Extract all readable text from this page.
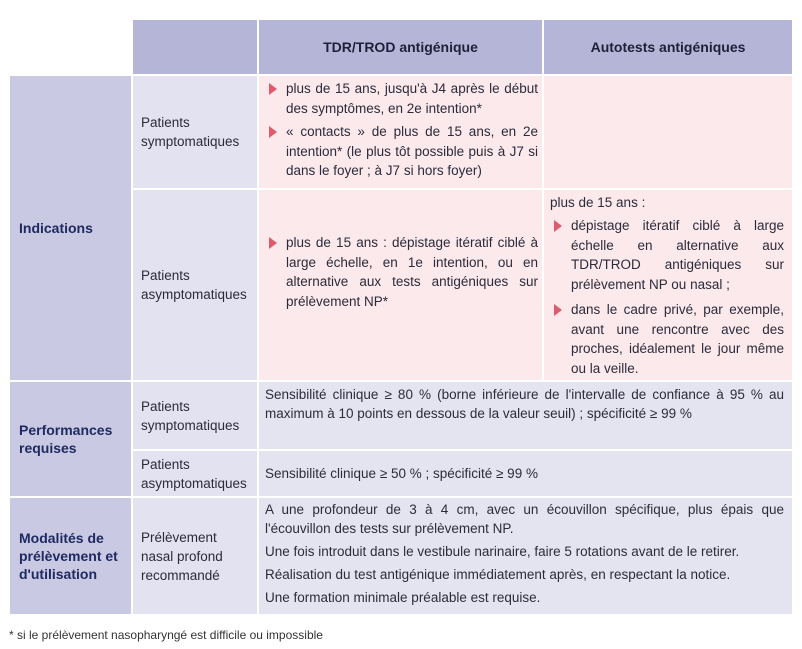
TDR/TROD antigénique	Autotests antigéniques
Indications
Patients
symptomatiques
plus de 15 ans, jusqu'à J4 après le début des symptômes, en 2e intention*
« contacts » de plus de 15 ans, en 2e intention* (le plus tôt possible puis à J7 si dans le foyer ; à J7 si hors foyer)
Patients
asymptomatiques
plus de 15 ans : dépistage itératif ciblé à large échelle, en 1e intention, ou en alternative aux tests antigéniques sur prélèvement NP*
plus de 15 ans :
dépistage itératif ciblé à large échelle en alternative aux TDR/TROD antigéniques sur prélèvement NP ou nasal ;
dans le cadre privé, par exemple, avant une rencontre avec des proches, idéalement le jour même ou la veille.
Performances
requises
Patients
symptomatiques
Sensibilité clinique ≥ 80 % (borne inférieure de l'intervalle de confiance à 95 % au maximum à 10 points en dessous de la valeur seuil) ; spécificité ≥ 99 %
Patients
asymptomatiques
Sensibilité clinique ≥ 50 % ; spécificité ≥ 99 %
Modalités de
prélèvement et
d'utilisation
Prélèvement
nasal profond
recommandé
A une profondeur de 3 à 4 cm, avec un écouvillon spécifique, plus épais que l'écouvillon des tests sur prélèvement NP.
Une fois introduit dans le vestibule narinaire, faire 5 rotations avant de le retirer.
Réalisation du test antigénique immédiatement après, en respectant la notice.
Une formation minimale préalable est requise.
* si le prélèvement nasopharyngé est difficile ou impossible
